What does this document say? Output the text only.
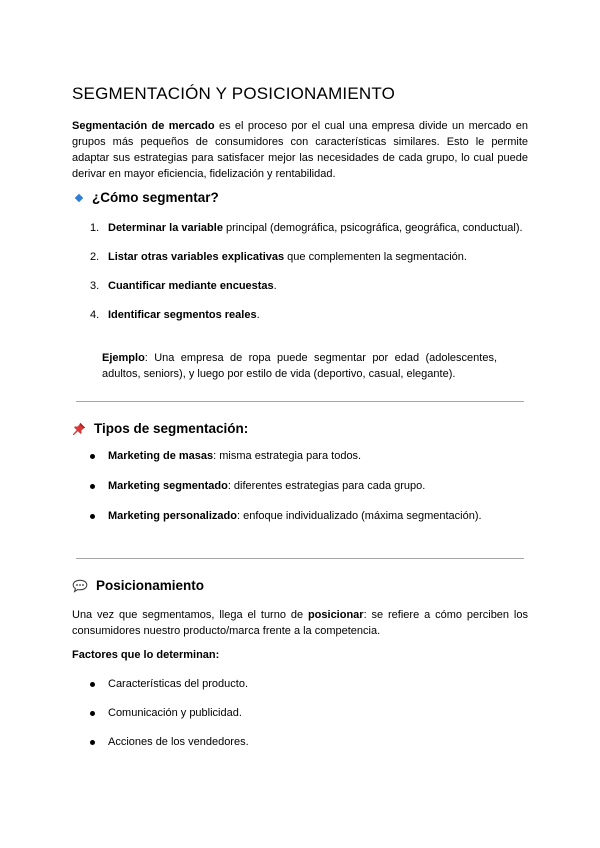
SEGMENTACIÓN Y POSICIONAMIENTO

Segmentación de mercado es el proceso por el cual una empresa divide un mercado en grupos más pequeños de consumidores con características similares. Esto le permite adaptar sus estrategias para satisfacer mejor las necesidades de cada grupo, lo cual puede derivar en mayor eficiencia, fidelización y rentabilidad.

¿Cómo segmentar?
1. Determinar la variable principal (demográfica, psicográfica, geográfica, conductual).
2. Listar otras variables explicativas que complementen la segmentación.
3. Cuantificar mediante encuestas.
4. Identificar segmentos reales.

Ejemplo: Una empresa de ropa puede segmentar por edad (adolescentes, adultos, seniors), y luego por estilo de vida (deportivo, casual, elegante).

Tipos de segmentación:
Marketing de masas: misma estrategia para todos.
Marketing segmentado: diferentes estrategias para cada grupo.
Marketing personalizado: enfoque individualizado (máxima segmentación).
Posicionamiento

Una vez que segmentamos, llega el turno de posicionar: se refiere a cómo perciben los consumidores nuestro producto/marca frente a la competencia.

Factores que lo determinan:

Características del producto.
Comunicación y publicidad.
Acciones de los vendedores.
